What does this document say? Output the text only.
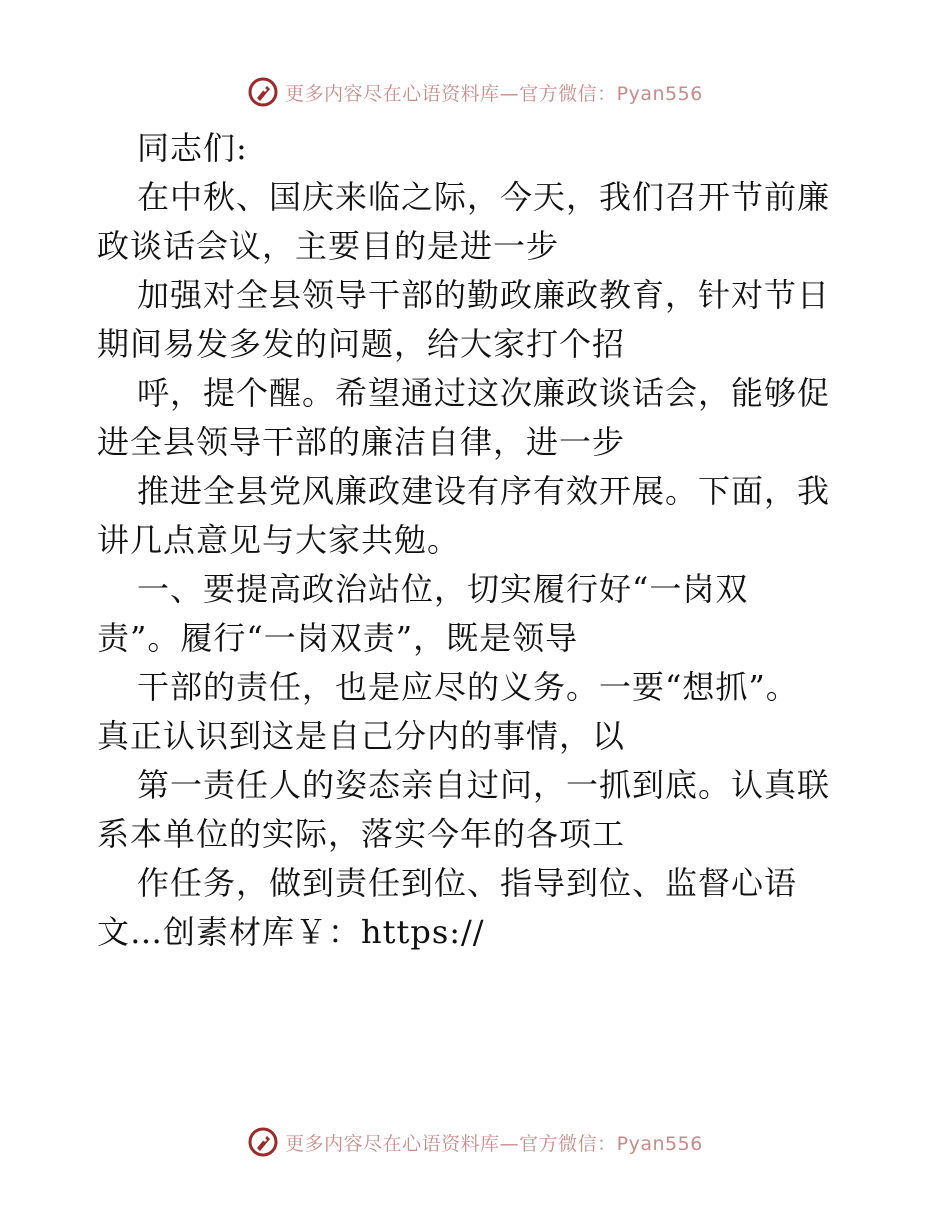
更多内容尽在心语资料库—官方微信：Pyan556
同志们:
在中秋、国庆来临之际，今天，我们召开节前廉
政谈话会议，主要目的是进一步
加强对全县领导干部的勤政廉政教育，针对节日
期间易发多发的问题，给大家打个招
呼，提个醒。希望通过这次廉政谈话会，能够促
进全县领导干部的廉洁自律，进一步
推进全县党风廉政建设有序有效开展。下面，我
讲几点意见与大家共勉。
一、要提高政治站位，切实履行好“一岗双
责”。履行“一岗双责”，既是领导
干部的责任，也是应尽的义务。一要“想抓”。
真正认识到这是自己分内的事情，以
第一责任人的姿态亲自过问，一抓到底。认真联
系本单位的实际，落实今年的各项工
作任务，做到责任到位、指导到位、监督心语
文…创素材库￥：https://
更多内容尽在心语资料库—官方微信：Pyan556
